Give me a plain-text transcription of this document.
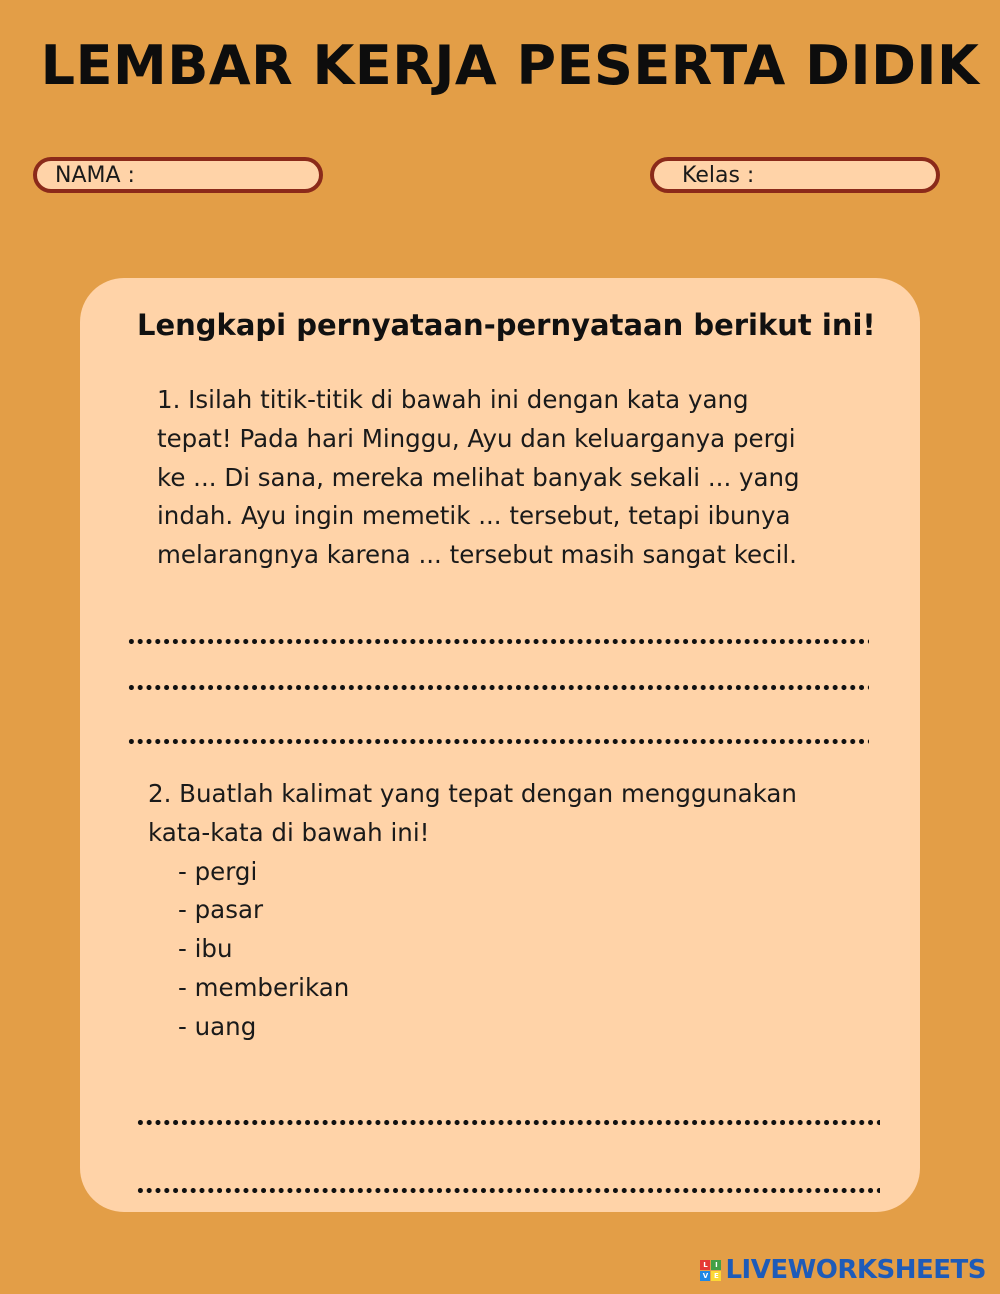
LEMBAR KERJA PESERTA DIDIK
NAMA :	Kelas :
Lengkapi pernyataan-pernyataan berikut ini!
1. Isilah titik-titik di bawah ini dengan kata yang
tepat! Pada hari Minggu, Ayu dan keluarganya pergi
ke ... Di sana, mereka melihat banyak sekali ... yang
indah. Ayu ingin memetik ... tersebut, tetapi ibunya
melarangnya karena ... tersebut masih sangat kecil.
2. Buatlah kalimat yang tepat dengan menggunakan
kata-kata di bawah ini!
- pergi
- pasar
- ibu
- memberikan
- uang
L	I
V E LIVEWORKSHEETS
